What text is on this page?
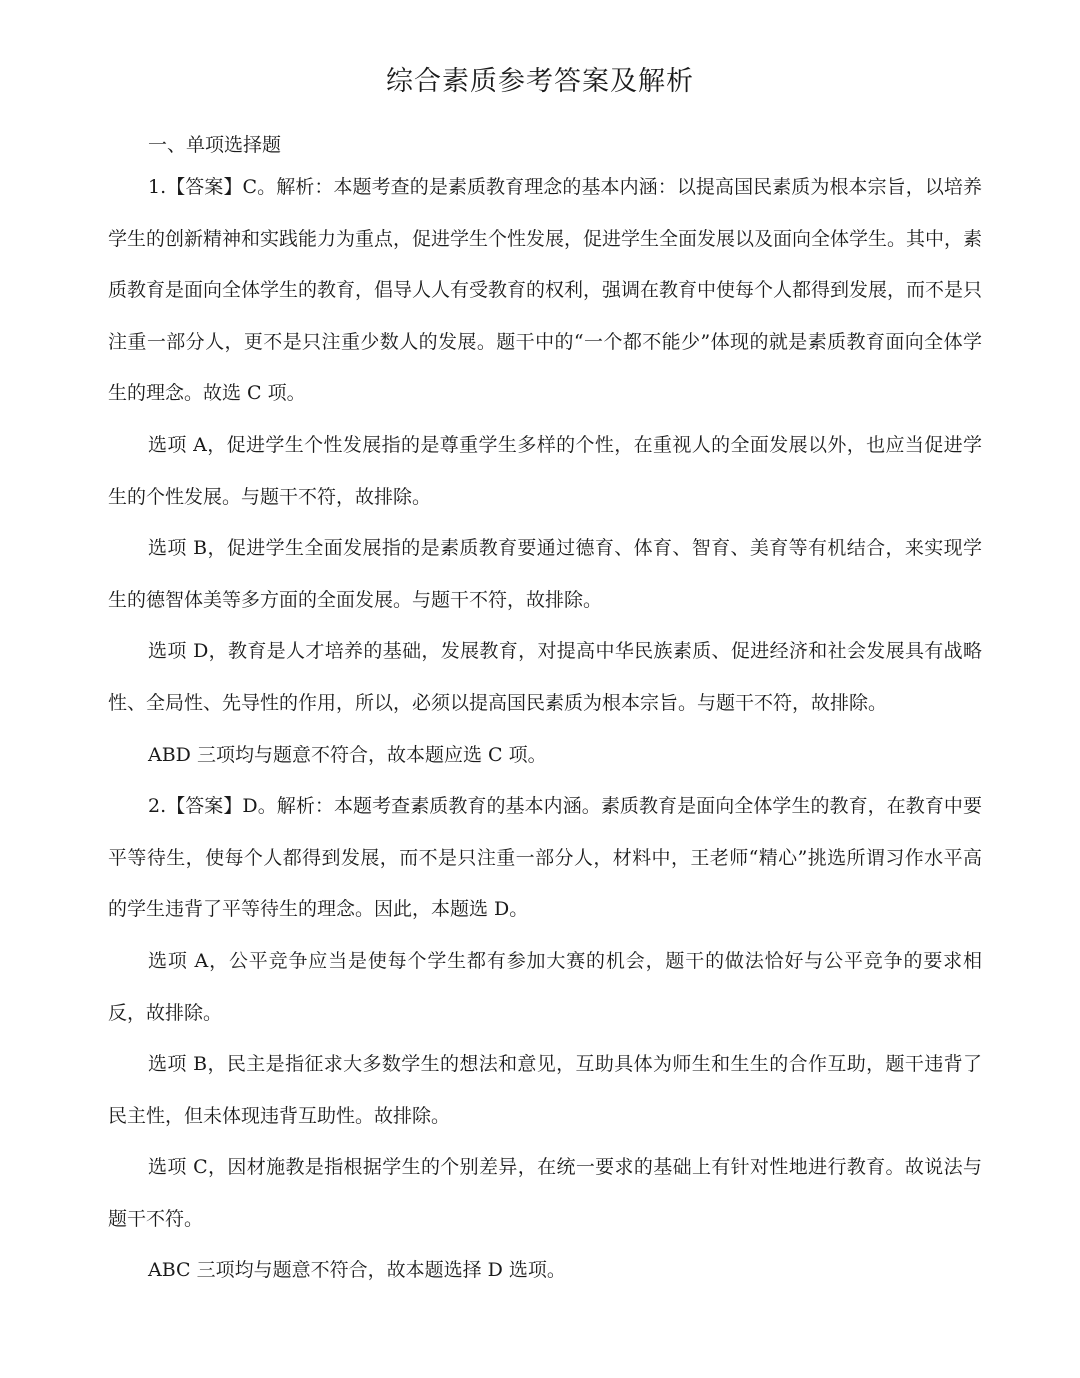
综合素质参考答案及解析
一、单项选择题

1.【答案】C。解析：本题考查的是素质教育理念的基本内涵：以提高国民素质为根本宗旨，以培养学生的创新精神和实践能力为重点，促进学生个性发展，促进学生全面发展以及面向全体学生。其中，素质教育是面向全体学生的教育，倡导人人有受教育的权利，强调在教育中使每个人都得到发展，而不是只注重一部分人，更不是只注重少数人的发展。题干中的“一个都不能少”体现的就是素质教育面向全体学生的理念。故选 C 项。

选项 A，促进学生个性发展指的是尊重学生多样的个性，在重视人的全面发展以外，也应当促进学生的个性发展。与题干不符，故排除。

选项 B，促进学生全面发展指的是素质教育要通过德育、体育、智育、美育等有机结合，来实现学生的德智体美等多方面的全面发展。与题干不符，故排除。

选项 D，教育是人才培养的基础，发展教育，对提高中华民族素质、促进经济和社会发展具有战略性、全局性、先导性的作用，所以，必须以提高国民素质为根本宗旨。与题干不符，故排除。

ABD 三项均与题意不符合，故本题应选 C 项。

2.【答案】D。解析：本题考查素质教育的基本内涵。素质教育是面向全体学生的教育，在教育中要平等待生，使每个人都得到发展，而不是只注重一部分人，材料中，王老师“精心”挑选所谓习作水平高的学生违背了平等待生的理念。因此，本题选 D。

选项 A，公平竞争应当是使每个学生都有参加大赛的机会，题干的做法恰好与公平竞争的要求相反，故排除。

选项 B，民主是指征求大多数学生的想法和意见，互助具体为师生和生生的合作互助，题干违背了民主性，但未体现违背互助性。故排除。

选项 C，因材施教是指根据学生的个别差异，在统一要求的基础上有针对性地进行教育。故说法与题干不符。

ABC 三项均与题意不符合，故本题选择 D 选项。
